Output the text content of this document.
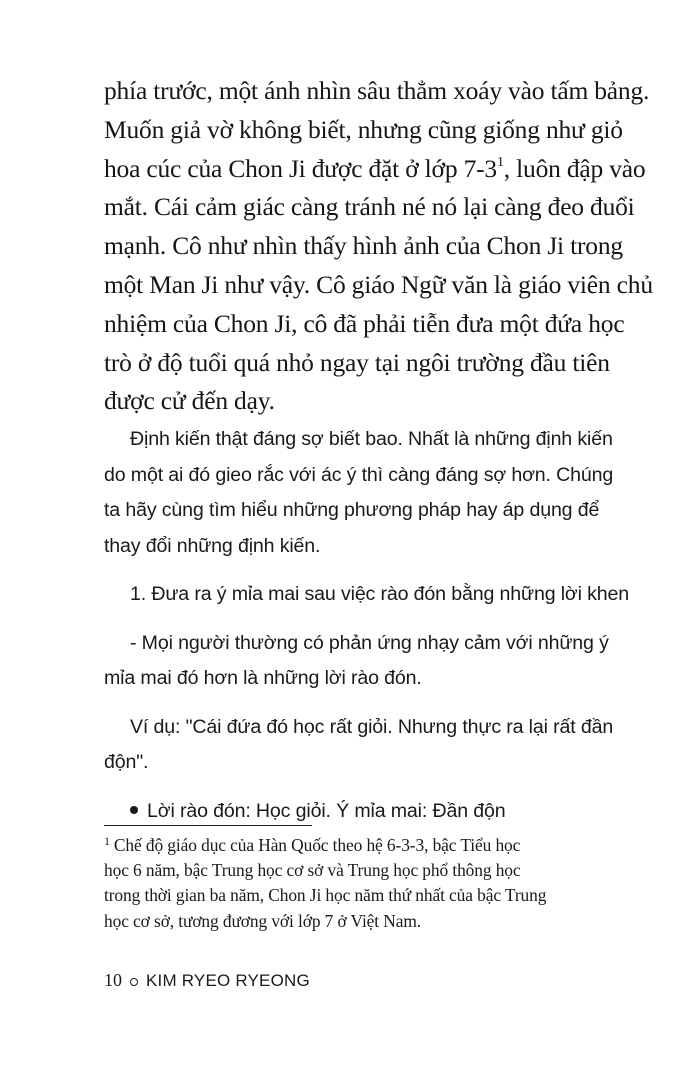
phía trước, một ánh nhìn sâu thẳm xoáy vào tấm bảng.
Muốn giả vờ không biết, nhưng cũng giống như giỏ
hoa cúc của Chon Ji được đặt ở lớp $7-3^1$, luôn đập vào
mắt. Cái cảm giác càng tránh né nó lại càng đeo đuổi
mạnh. Cô như nhìn thấy hình ảnh của Chon Ji trong
một Man Ji như vậy. Cô giáo Ngữ văn là giáo viên chủ
nhiệm của Chon Ji, cô đã phải tiễn đưa một đứa học
trò ở độ tuổi quá nhỏ ngay tại ngôi trường đầu tiên
được cử đến dạy.
Định kiến thật đáng sợ biết bao. Nhất là những định kiến
do một ai đó gieo rắc với ác ý thì càng đáng sợ hơn. Chúng
ta hãy cùng tìm hiểu những phương pháp hay áp dụng để
thay đổi những định kiến.
1. Đưa ra ý mỉa mai sau việc rào đón bằng những lời khen
- Mọi người thường có phản ứng nhạy cảm với những ý
mỉa mai đó hơn là những lời rào đón.
Ví dụ: "Cái đứa đó học rất giỏi. Nhưng thực ra lại rất đần
độn".
Lời rào đón: Học giỏi. Ý mỉa mai: Đần độn
$^1$ Chế độ giáo dục của Hàn Quốc theo hệ 6-3-3, bậc Tiểu học
học 6 năm, bậc Trung học cơ sở và Trung học phổ thông học
trong thời gian ba năm, Chon Ji học năm thứ nhất của bậc Trung
học cơ sở, tương đương với lớp 7 ở Việt Nam.
10 KIM RYEO RYEONG
